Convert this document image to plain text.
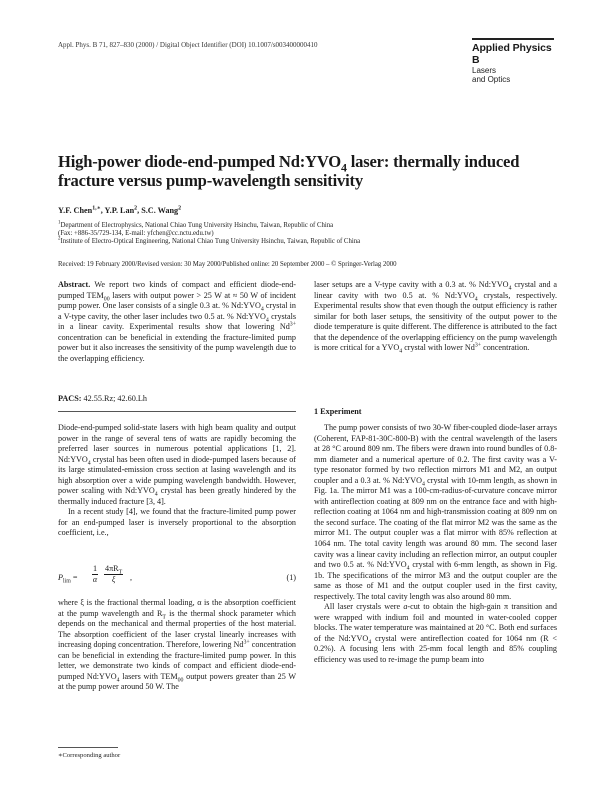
Appl. Phys. B 71, 827–830 (2000) / Digital Object Identifier (DOI) 10.1007/s003400000410	Applied Physics B
Lasers
and Optics
High-power diode-end-pumped $Nd:YVO_4$ laser: thermally induced
fracture versus pump-wavelength sensitivity
Y.F. Chen$^{1,∗}$, Y.P. Lan$^2$, S.C. Wang$^2$

$^1$Department of Electrophysics, National Chiao Tung University Hsinchu, Taiwan, Republic of China

(Fax: +886-35/729-134, E-mail: yfchen@cc.nctu.edu.tw)

$^2$Institute of Electro-Optical Engineering, National Chiao Tung University Hsinchu, Taiwan, Republic of China

Received: 19 February 2000/Revised version: 30 May 2000/Published online: 20 September 2000 – © Springer-Verlag 2000

Abstract. We report two kinds of compact and efficient diode-end-pumped $TEM_{00}$ lasers with output power > 25 W at ≈ 50 W of incident pump power. One laser consists of a single 0.3 at. % $Nd:YVO_4$ crystal in a V-type cavity, the other laser includes two 0.5 at. % $Nd:YVO_4$ crystals in a linear cavity. Experimental results show that lowering $Nd^{3+}$ concentration can be beneficial in extending the fracture-limited pump power but it also increases the sensitivity of the pump wavelength due to the overlapping efficiency.

laser setups are a V-type cavity with a 0.3 at. % $Nd:YVO_4$ crystal and a linear cavity with two 0.5 at. % $Nd:YVO_4$ crystals, respectively. Experimental results show that even though the output efficiency is rather similar for both laser setups, the sensitivity of the output power to the diode temperature is quite different. The difference is attributed to the fact that the dependence of the overlapping efficiency on the pump wavelength is more critical for a $YVO_4$ crystal with lower $Nd^{3+}$ concentration.

PACS: 42.55.Rz; 42.60.Lh

Diode-end-pumped solid-state lasers with high beam quality and output power in the range of several tens of watts are rapidly becoming the preferred laser sources in numerous potential applications [1, 2]. $Nd:YVO_4$ crystal has been often used in diode-pumped lasers because of its large stimulated-emission cross section at lasing wavelength and its high absorption over a wide pumping wavelength bandwidth. However, power scaling with $Nd:YVO_4$ crystal has been greatly hindered by the thermally induced fracture [3, 4].

In a recent study [4], we found that the fracture-limited pump power for an end-pumped laser is inversely proportional to the absorption coefficient, i.e.,

$P_{lim} = \frac{1}{\alpha} 4\pi R_T$
ξ	,	(1)

where ξ is the fractional thermal loading, α is the absorption coefficient at the pump wavelength and $R_T$ is the thermal shock parameter which depends on the mechanical and thermal properties of the host material. The absorption coefficient of the laser crystal linearly increases with increasing doping concentration. Therefore, lowering $Nd^{3+}$ concentration can be beneficial in extending the fracture-limited pump power. In this letter, we demonstrate two kinds of compact and efficient diode-end-pumped $Nd:YVO_4$ lasers with $TEM_{00}$ output powers greater than 25 W at the pump power around 50 W. The

1 Experiment

The pump power consists of two 30-W fiber-coupled diode-laser arrays (Coherent, FAP-81-30C-800-B) with the central wavelength of the lasers at 28 °C around 809 nm. The fibers were drawn into round bundles of 0.8-mm diameter and a numerical aperture of 0.2. The first cavity was a V-type resonator formed by two reflection mirrors M1 and M2, an output coupler and a 0.3 at. % $Nd:YVO_4$ crystal with 10-mm length, as shown in Fig. 1a. The mirror M1 was a 100-cm-radius-of-curvature concave mirror with antireflection coating at 809 nm on the entrance face and with high-reflection coating at 1064 nm and high-transmission coating at 809 nm on the second surface. The coating of the flat mirror M2 was the same as the mirror M1. The output coupler was a flat mirror with 85% reflection at 1064 nm. The total cavity length was around 80 mm. The second laser cavity was a linear cavity including an reflection mirror, an output coupler and two 0.5 at. % $Nd:YVO_4$ crystal with 6-mm length, as shown in Fig. 1b. The specifications of the mirror M3 and the output coupler are the same as those of M1 and the output coupler used in the first cavity, respectively. The total cavity length was also around 80 mm.

All laser crystals were a-cut to obtain the high-gain π transition and were wrapped with indium foil and mounted in water-cooled copper blocks. The water temperature was maintained at 20 °C. Both end surfaces of the $Nd:YVO_4$ crystal were antireflection coated for 1064 nm (R < 0.2%). A focusing lens with 25-mm focal length and 85% coupling efficiency was used to re-image the pump beam into

∗Corresponding author
